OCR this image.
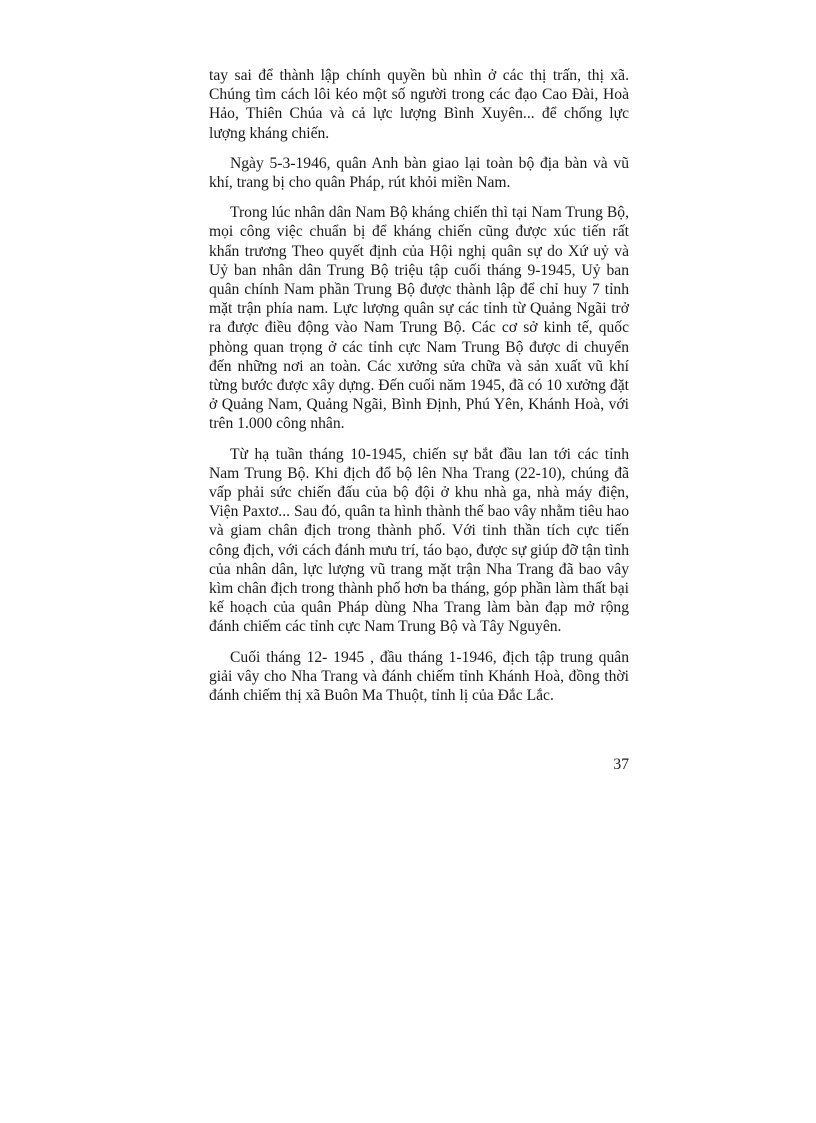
tay sai để thành lập chính quyền bù nhìn ở các thị trấn, thị xã. Chúng tìm cách lôi kéo một số người trong các đạo Cao Đài, Hoà Hảo, Thiên Chúa và cả lực lượng Bình Xuyên... để chống lực lượng kháng chiến.

Ngày 5-3-1946, quân Anh bàn giao lại toàn bộ địa bàn và vũ khí, trang bị cho quân Pháp, rút khỏi miền Nam.

Trong lúc nhân dân Nam Bộ kháng chiến thì tại Nam Trung Bộ, mọi công việc chuẩn bị để kháng chiến cũng được xúc tiến rất khẩn trương Theo quyết định của Hội nghị quân sự do Xứ uỷ và Uỷ ban nhân dân Trung Bộ triệu tập cuối tháng 9-1945, Uỷ ban quân chính Nam phần Trung Bộ được thành lập để chỉ huy 7 tỉnh mặt trận phía nam. Lực lượng quân sự các tỉnh từ Quảng Ngãi trở ra được điều động vào Nam Trung Bộ. Các cơ sở kinh tế, quốc phòng quan trọng ở các tỉnh cực Nam Trung Bộ được di chuyển đến những nơi an toàn. Các xưởng sửa chữa và sản xuất vũ khí từng bước được xây dựng. Đến cuối năm 1945, đã có 10 xưởng đặt ở Quảng Nam, Quảng Ngãi, Bình Định, Phú Yên, Khánh Hoà, với trên 1.000 công nhân.

Từ hạ tuần tháng 10-1945, chiến sự bắt đầu lan tới các tỉnh Nam Trung Bộ. Khi địch đổ bộ lên Nha Trang (22-10), chúng đã vấp phải sức chiến đấu của bộ đội ở khu nhà ga, nhà máy điện, Viện Paxtơ... Sau đó, quân ta hình thành thế bao vây nhằm tiêu hao và giam chân địch trong thành phố. Với tinh thần tích cực tiến công địch, với cách đánh mưu trí, táo bạo, được sự giúp đỡ tận tình của nhân dân, lực lượng vũ trang mặt trận Nha Trang đã bao vây kìm chân địch trong thành phố hơn ba tháng, góp phần làm thất bại kế hoạch của quân Pháp dùng Nha Trang làm bàn đạp mở rộng đánh chiếm các tỉnh cực Nam Trung Bộ và Tây Nguyên.

Cuối tháng 12- 1945 , đầu tháng 1-1946, địch tập trung quân giải vây cho Nha Trang và đánh chiếm tỉnh Khánh Hoà, đồng thời đánh chiếm thị xã Buôn Ma Thuột, tỉnh lị của Đắc Lắc.

37
